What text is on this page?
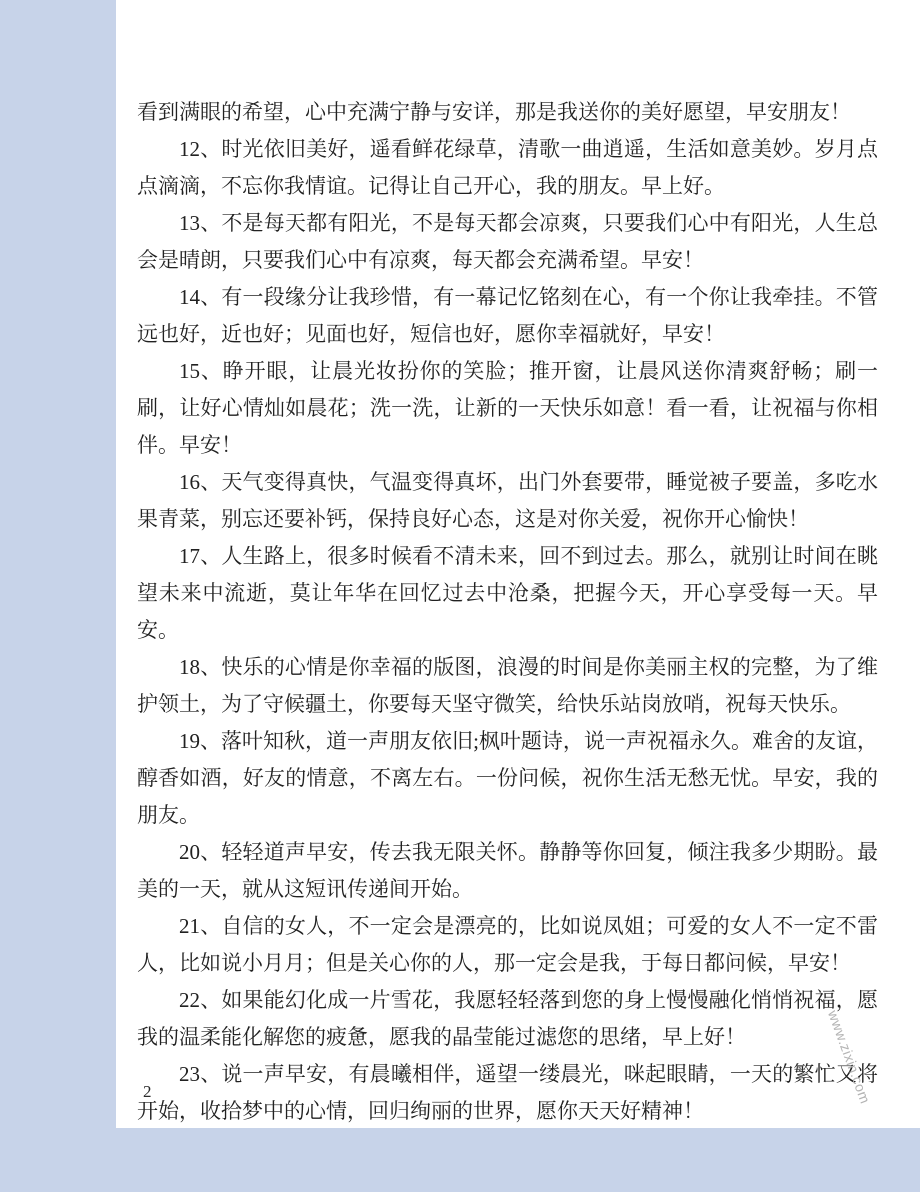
看到满眼的希望，心中充满宁静与安详，那是我送你的美好愿望，早安朋友！

12、时光依旧美好，遥看鲜花绿草，清歌一曲逍遥，生活如意美妙。岁月点点滴滴，不忘你我情谊。记得让自己开心，我的朋友。早上好。

13、不是每天都有阳光，不是每天都会凉爽，只要我们心中有阳光，人生总会是晴朗，只要我们心中有凉爽，每天都会充满希望。早安！

14、有一段缘分让我珍惜，有一幕记忆铭刻在心，有一个你让我牵挂。不管远也好，近也好；见面也好，短信也好，愿你幸福就好，早安！

15、睁开眼，让晨光妆扮你的笑脸；推开窗，让晨风送你清爽舒畅；刷一刷，让好心情灿如晨花；洗一洗，让新的一天快乐如意！看一看，让祝福与你相伴。早安！

16、天气变得真快，气温变得真坏，出门外套要带，睡觉被子要盖，多吃水果青菜，别忘还要补钙，保持良好心态，这是对你关爱，祝你开心愉快！

17、人生路上，很多时候看不清未来，回不到过去。那么，就别让时间在眺望未来中流逝，莫让年华在回忆过去中沧桑，把握今天，开心享受每一天。早安。

18、快乐的心情是你幸福的版图，浪漫的时间是你美丽主权的完整，为了维护领土，为了守候疆土，你要每天坚守微笑，给快乐站岗放哨，祝每天快乐。

19、落叶知秋，道一声朋友依旧;枫叶题诗，说一声祝福永久。难舍的友谊，醇香如酒，好友的情意，不离左右。一份问候，祝你生活无愁无忧。早安，我的朋友。

20、轻轻道声早安，传去我无限关怀。静静等你回复，倾注我多少期盼。最美的一天，就从这短讯传递间开始。

21、自信的女人，不一定会是漂亮的，比如说凤姐；可爱的女人不一定不雷人，比如说小月月；但是关心你的人，那一定会是我，于每日都问候，早安！

22、如果能幻化成一片雪花，我愿轻轻落到您的身上慢慢融化悄悄祝福，愿我的温柔能化解您的疲惫，愿我的晶莹能过滤您的思绪，早上好！

23、说一声早安，有晨曦相伴，遥望一缕晨光，咪起眼睛，一天的繁忙又将开始，收拾梦中的心情，回归绚丽的世界，愿你天天好精神！

2	www.zixin.com
